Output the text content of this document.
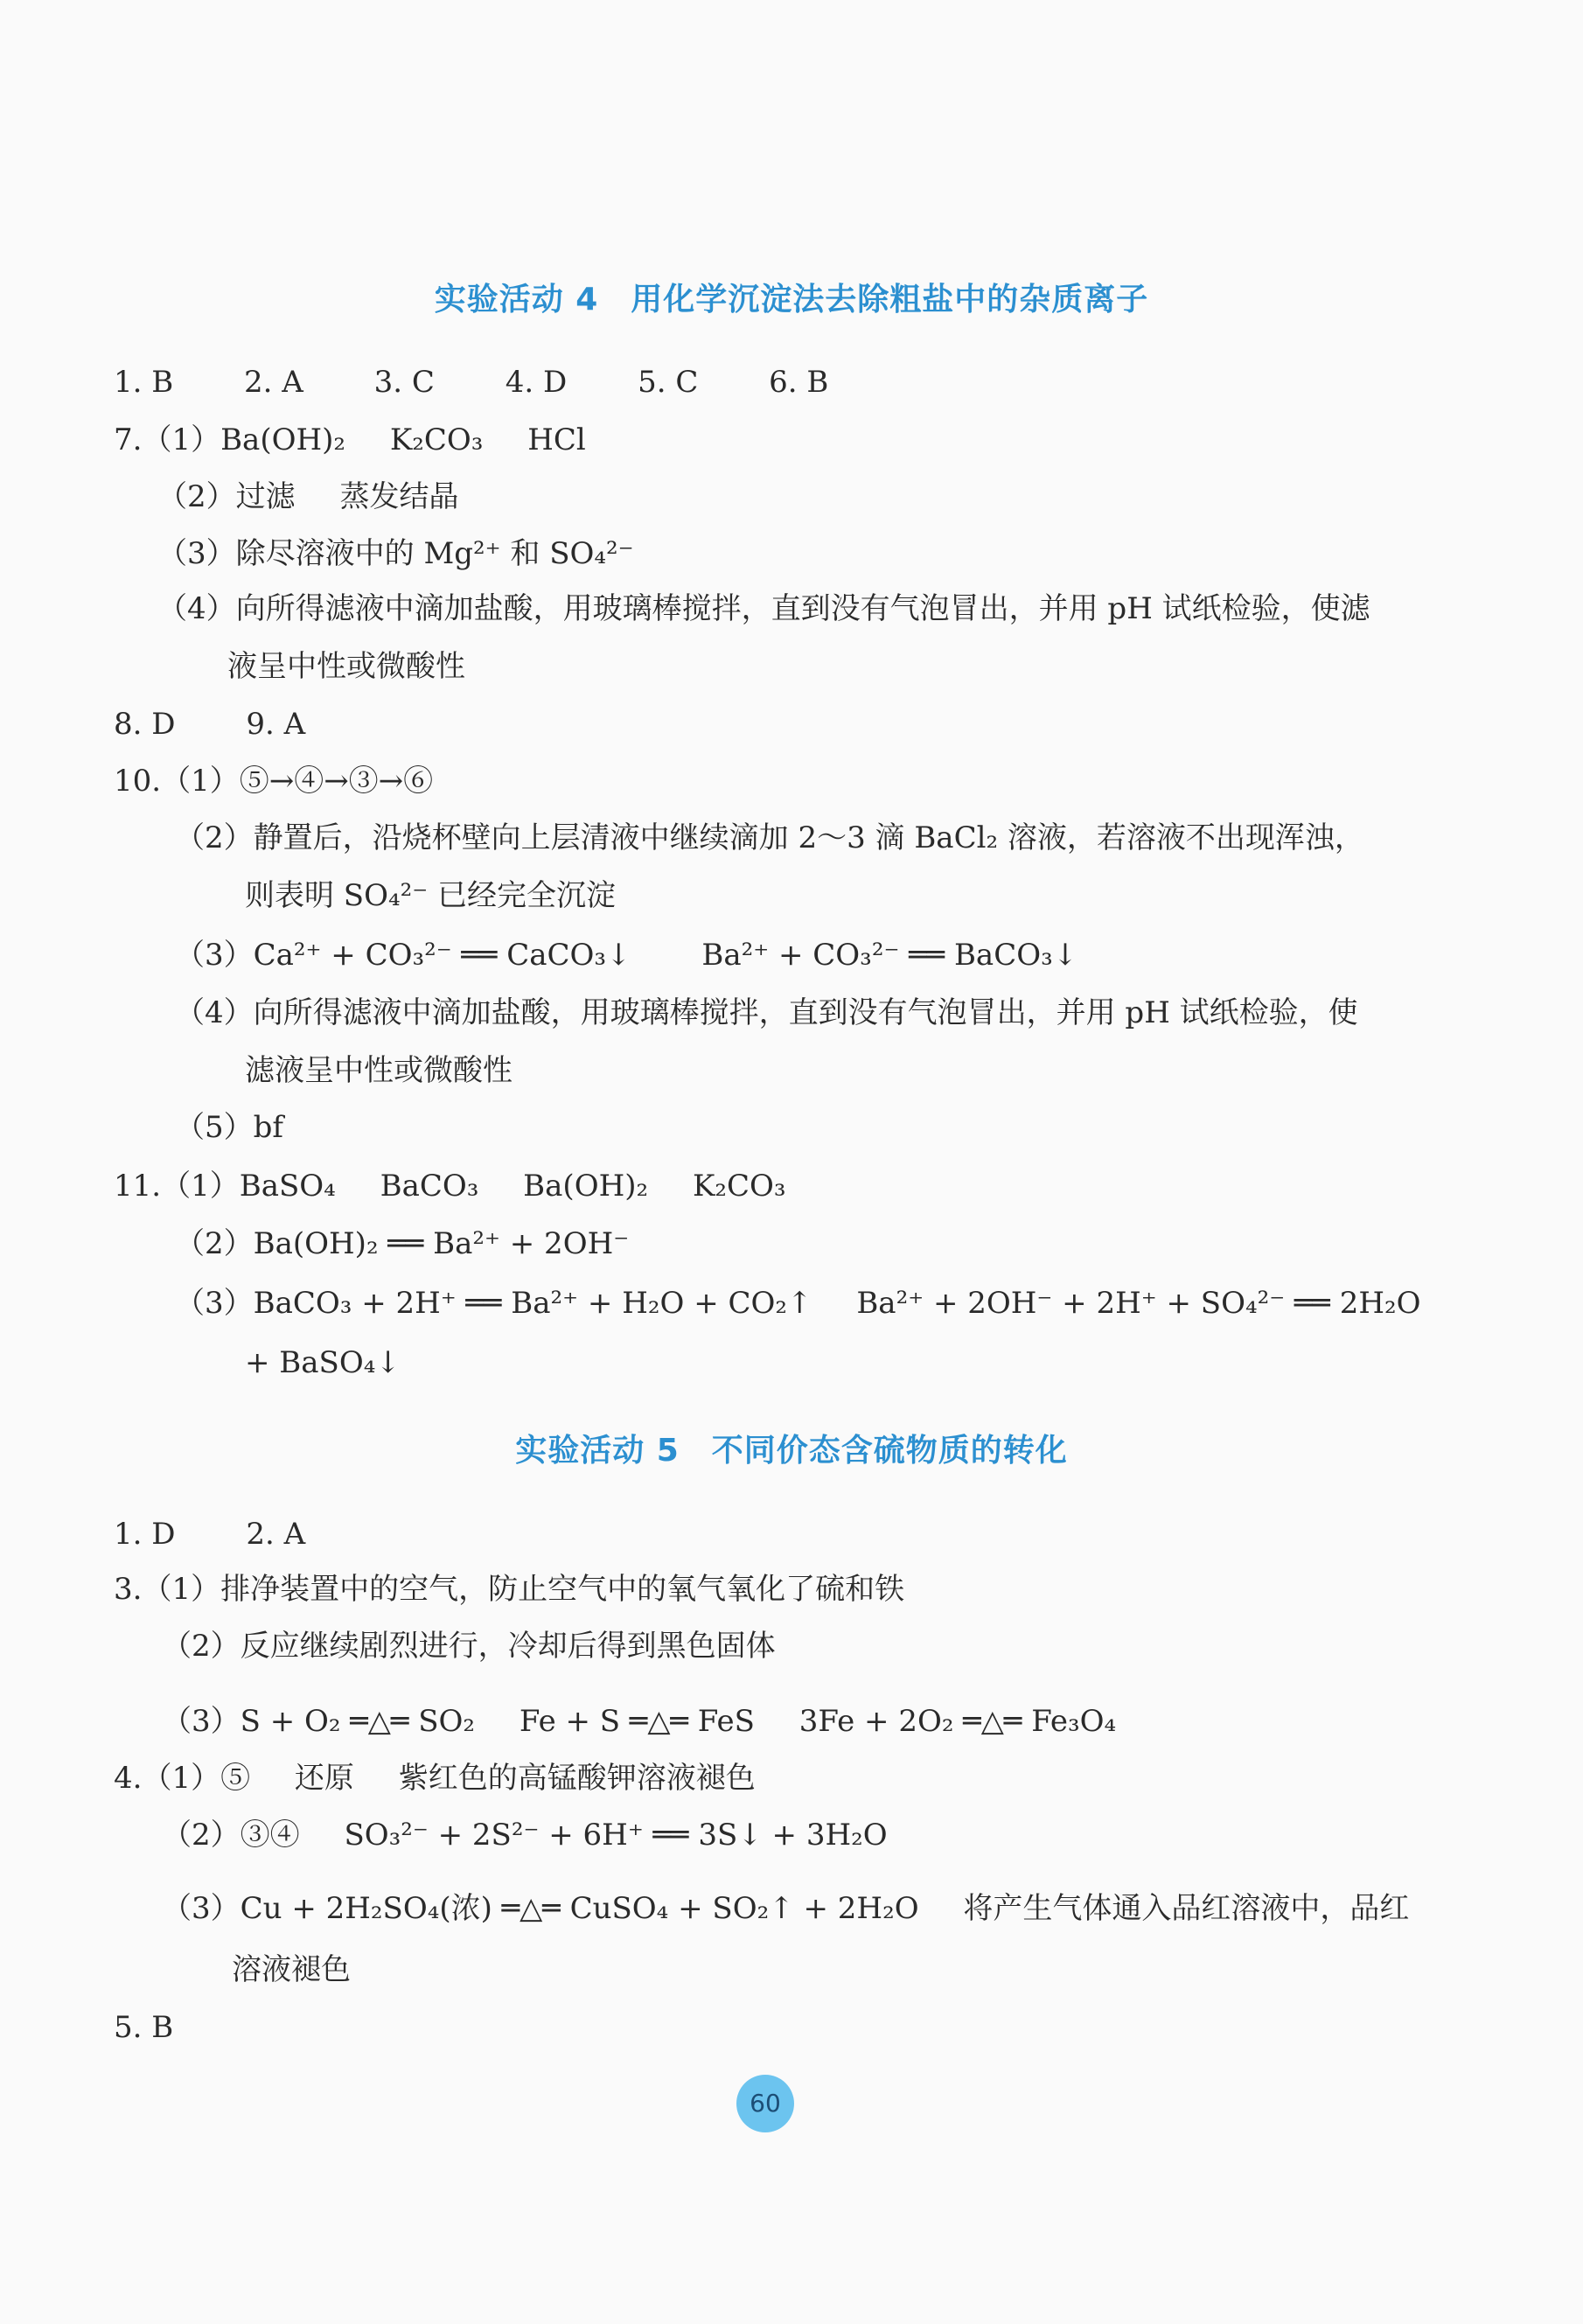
实验活动 4　用化学沉淀法去除粗盐中的杂质离子
1. B 2. A 3. C 4. D 5. C 6. B
7.（1）Ba(OH)₂ K₂CO₃ HCl
（2）过滤 蒸发结晶
（3）除尽溶液中的 Mg²⁺ 和 SO₄²⁻
（4）向所得滤液中滴加盐酸，用玻璃棒搅拌，直到没有气泡冒出，并用 pH 试纸检验，使滤
液呈中性或微酸性
8. D 9. A
10.（1）⑤→④→③→⑥
（2）静置后，沿烧杯壁向上层清液中继续滴加 2～3 滴 BaCl₂ 溶液，若溶液不出现浑浊，
则表明 SO₄²⁻ 已经完全沉淀
（3）Ca²⁺ + CO₃²⁻ ══ CaCO₃↓ Ba²⁺ + CO₃²⁻ ══ BaCO₃↓
（4）向所得滤液中滴加盐酸，用玻璃棒搅拌，直到没有气泡冒出，并用 pH 试纸检验，使
滤液呈中性或微酸性
（5）bf
11.（1）BaSO₄ BaCO₃ Ba(OH)₂ K₂CO₃
（2）Ba(OH)₂ ══ Ba²⁺ + 2OH⁻
（3）BaCO₃ + 2H⁺ ══ Ba²⁺ + H₂O + CO₂↑ Ba²⁺ + 2OH⁻ + 2H⁺ + SO₄²⁻ ══ 2H₂O
+ BaSO₄↓
实验活动 5　不同价态含硫物质的转化
1. D 2. A
3.（1）排净装置中的空气，防止空气中的氧气氧化了硫和铁
（2）反应继续剧烈进行，冷却后得到黑色固体
（3）S + O₂ ═△═ SO₂ Fe + S ═△═ FeS 3Fe + 2O₂ ═△═ Fe₃O₄
4.（1）⑤ 还原 紫红色的高锰酸钾溶液褪色
（2）③④ SO₃²⁻ + 2S²⁻ + 6H⁺ ══ 3S↓ + 3H₂O
（3）Cu + 2H₂SO₄(浓) ═△═ CuSO₄ + SO₂↑ + 2H₂O 将产生气体通入品红溶液中，品红
溶液褪色
5. B
60
